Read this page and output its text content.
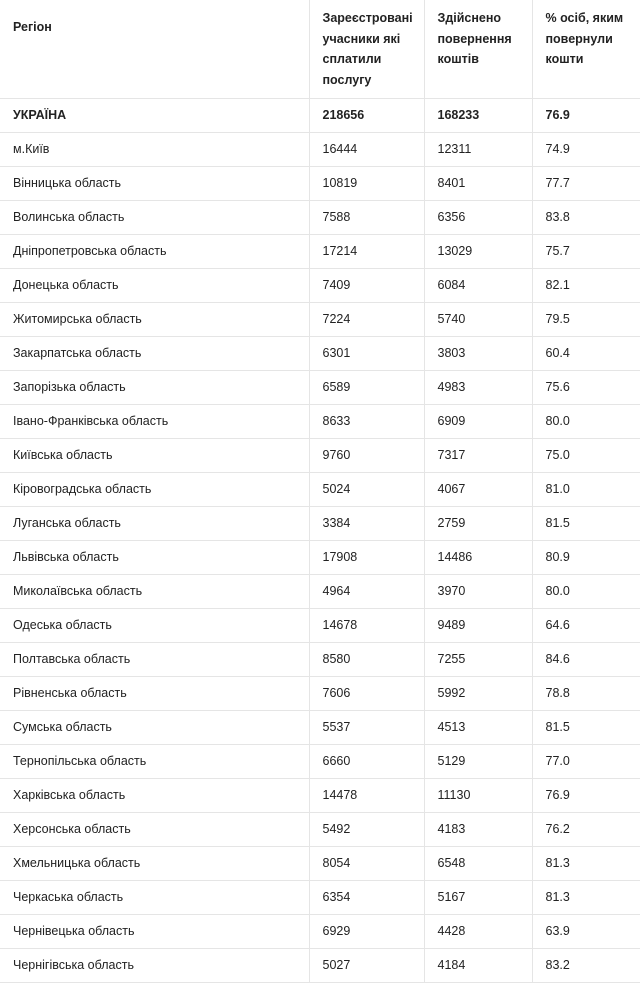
Регіон	Зареєстровані учасники які сплатили послугу	Здійснено повернення коштів	% осіб, яким повернули кошти
УКРАЇНА	218656	168233	76.9
м.Київ	16444	12311	74.9
Вінницька область	10819	8401	77.7
Волинська область	7588	6356	83.8
Дніпропетровська область	17214	13029	75.7
Донецька область	7409	6084	82.1
Житомирська область	7224	5740	79.5
Закарпатська область	6301	3803	60.4
Запорізька область	6589	4983	75.6
Івано-Франківська область	8633	6909	80.0
Київська область	9760	7317	75.0
Кіровоградська область	5024	4067	81.0
Луганська область	3384	2759	81.5
Львівська область	17908	14486	80.9
Миколаївська область	4964	3970	80.0
Одеська область	14678	9489	64.6
Полтавська область	8580	7255	84.6
Рівненська область	7606	5992	78.8
Сумська область	5537	4513	81.5
Тернопільська область	6660	5129	77.0
Харківська область	14478	11130	76.9
Херсонська область	5492	4183	76.2
Хмельницька область	8054	6548	81.3
Черкаська область	6354	5167	81.3
Чернівецька область	6929	4428	63.9
Чернігівська область	5027	4184	83.2
